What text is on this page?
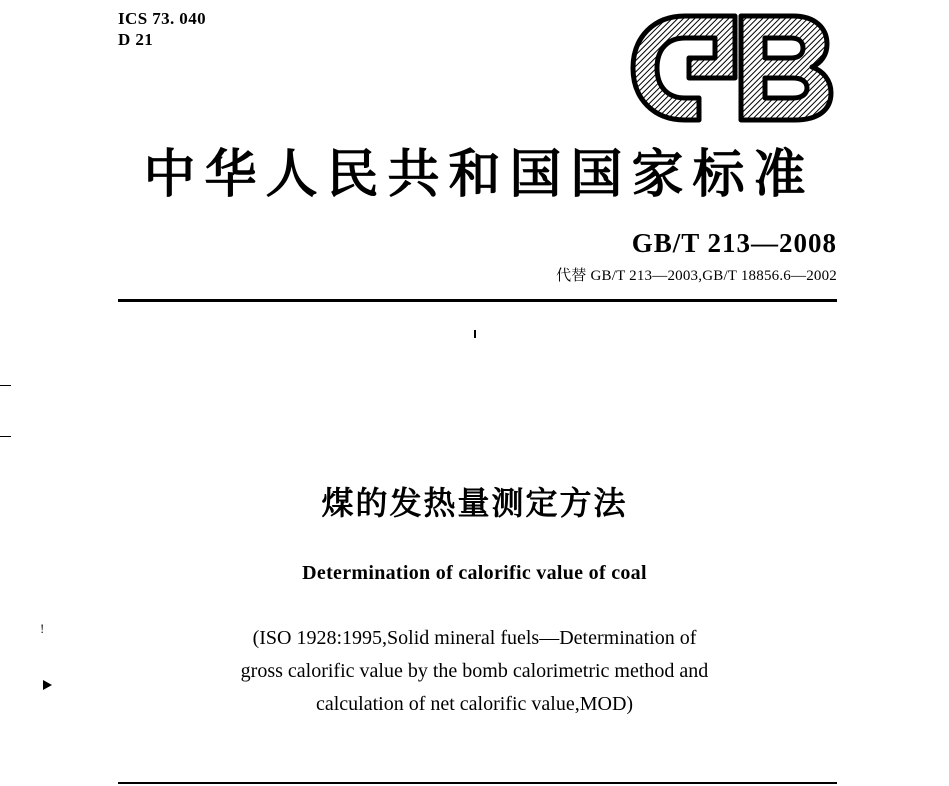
ICS 73. 040
D 21
中华人民共和国国家标准
GB/T 213—2008
代替 GB/T 213—2003,GB/T 18856.6—2002
!
煤的发热量测定方法
Determination of calorific value of coal
(ISO 1928:1995,Solid mineral fuels—Determination of
gross calorific value by the bomb calorimetric method and
calculation of net calorific value,MOD)
